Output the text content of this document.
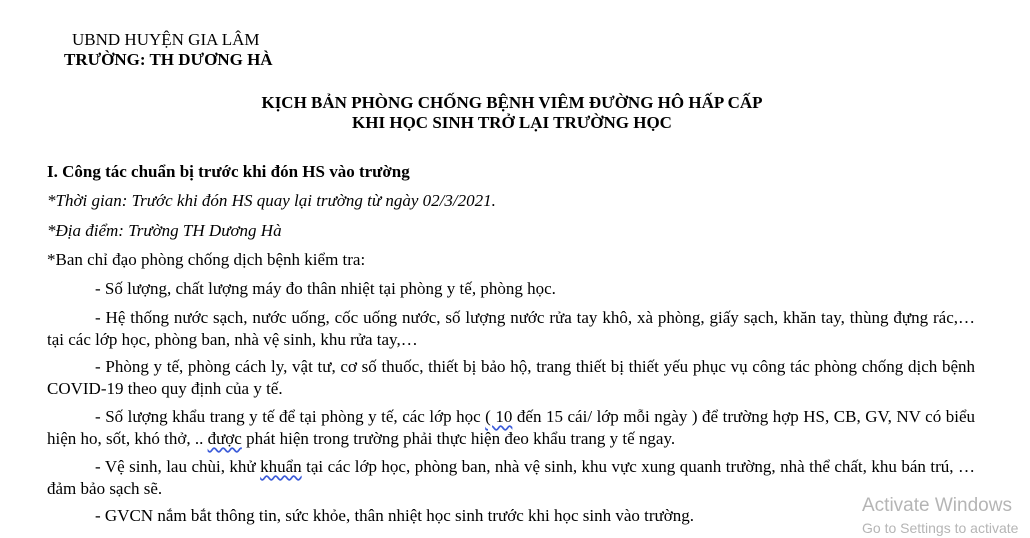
UBND HUYỆN GIA LÂM
TRƯỜNG: TH DƯƠNG HÀ
KỊCH BẢN PHÒNG CHỐNG BỆNH VIÊM ĐƯỜNG HÔ HẤP CẤP
KHI HỌC SINH TRỞ LẠI TRƯỜNG HỌC
I. Công tác chuẩn bị trước khi đón HS vào trường
*Thời gian: Trước khi đón HS quay lại trường từ ngày 02/3/2021.
*Địa điểm: Trường TH Dương Hà
*Ban chỉ đạo phòng chống dịch bệnh kiểm tra:
- Số lượng, chất lượng máy đo thân nhiệt tại phòng y tế, phòng học.
- Hệ thống nước sạch, nước uống, cốc uống nước, số lượng nước rửa tay khô, xà phòng, giấy sạch, khăn tay, thùng đựng rác,… tại các lớp học, phòng ban, nhà vệ sinh, khu rửa tay,…
- Phòng y tế, phòng cách ly, vật tư, cơ số thuốc, thiết bị bảo hộ, trang thiết bị thiết yếu phục vụ công tác phòng chống dịch bệnh COVID-19 theo quy định của y tế.
- Số lượng khẩu trang y tế để tại phòng y tế, các lớp học ( 10 đến 15 cái/ lớp mỗi ngày ) để trường hợp HS, CB, GV, NV có biểu hiện ho, sốt, khó thở, .. được phát hiện trong trường phải thực hiện đeo khẩu trang y tế ngay.
- Vệ sinh, lau chùi, khử khuẩn tại các lớp học, phòng ban, nhà vệ sinh, khu vực xung quanh trường, nhà thể chất, khu bán trú, … đảm bảo sạch sẽ.
- GVCN nắm bắt thông tin, sức khỏe, thân nhiệt học sinh trước khi học sinh vào trường.	Activate Windows
Go to Settings to activate
